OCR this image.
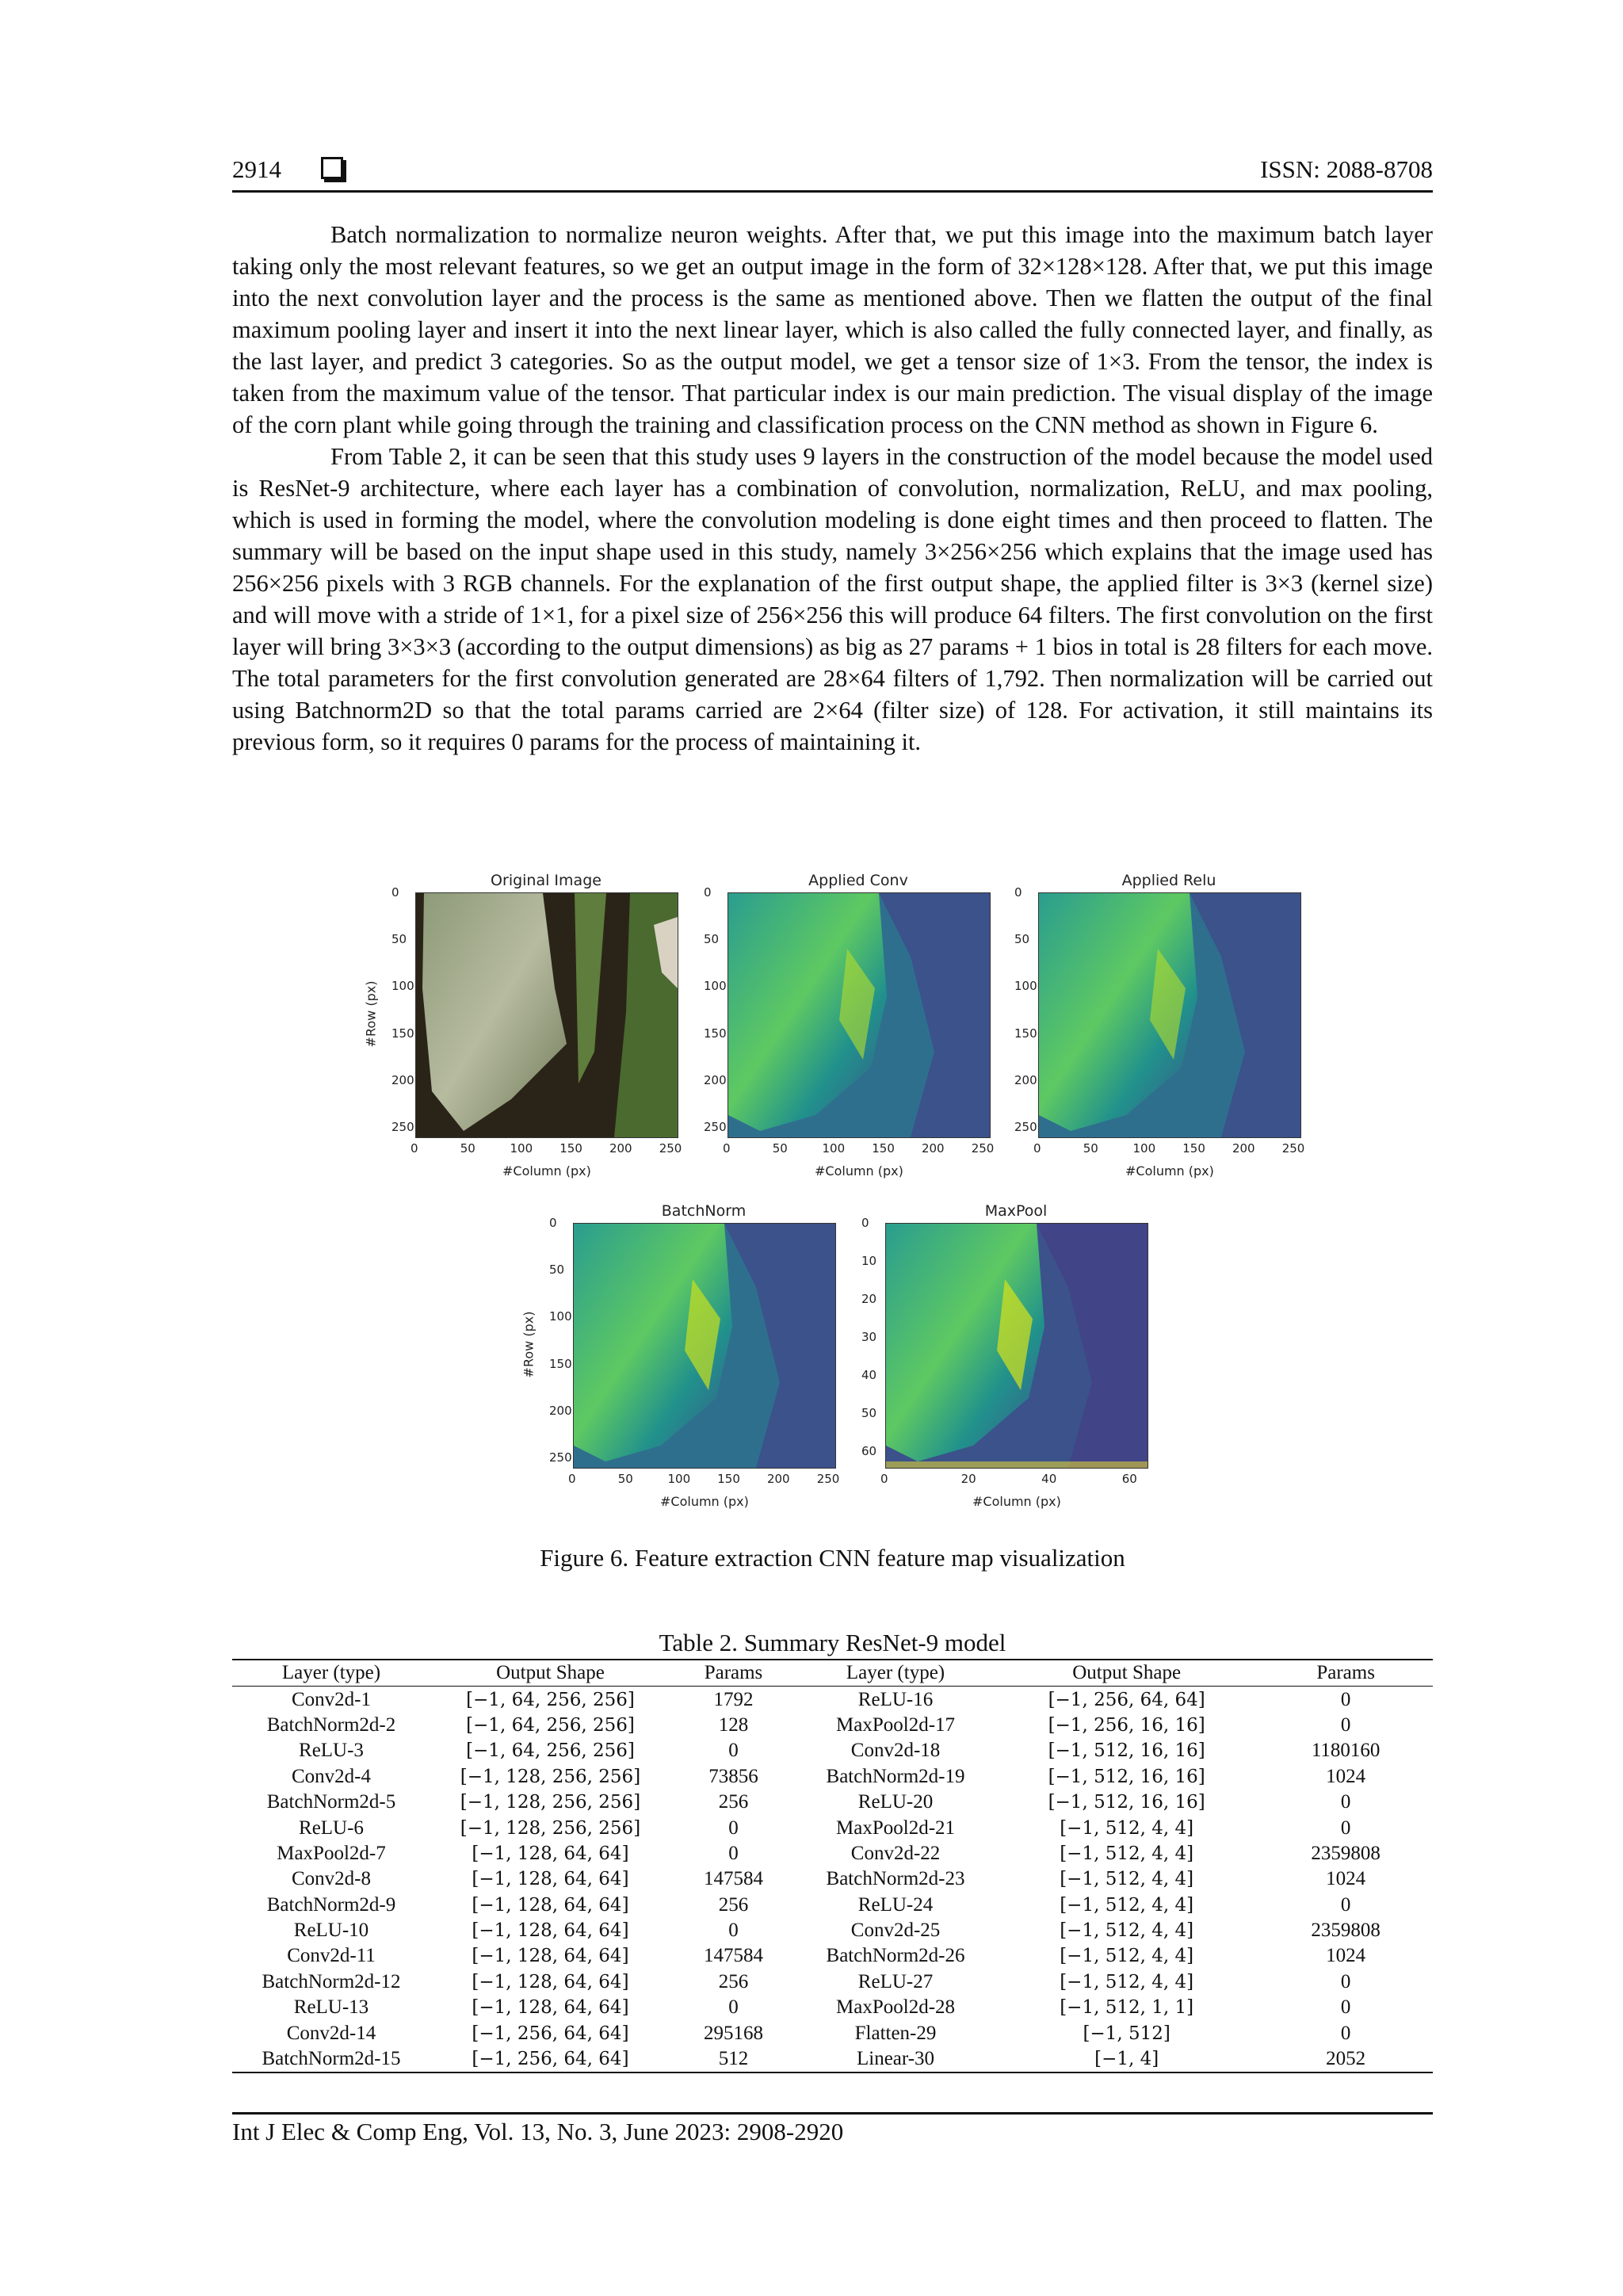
2914	ISSN: 2088-8708

Batch normalization to normalize neuron weights. After that, we put this image into the maximum batch layer taking only the most relevant features, so we get an output image in the form of 32×128×128. After that, we put this image into the next convolution layer and the process is the same as mentioned above. Then we flatten the output of the final maximum pooling layer and insert it into the next linear layer, which is also called the fully connected layer, and finally, as the last layer, and predict 3 categories. So as the output model, we get a tensor size of 1×3. From the tensor, the index is taken from the maximum value of the tensor. That particular index is our main prediction. The visual display of the image of the corn plant while going through the training and classification process on the CNN method as shown in Figure 6.

From Table 2, it can be seen that this study uses 9 layers in the construction of the model because the model used is ResNet-9 architecture, where each layer has a combination of convolution, normalization, ReLU, and max pooling, which is used in forming the model, where the convolution modeling is done eight times and then proceed to flatten. The summary will be based on the input shape used in this study, namely 3×256×256 which explains that the image used has 256×256 pixels with 3 RGB channels. For the explanation of the first output shape, the applied filter is 3×3 (kernel size) and will move with a stride of 1×1, for a pixel size of 256×256 this will produce 64 filters. The first convolution on the first layer will bring 3×3×3 (according to the output dimensions) as big as 27 params + 1 bios in total is 28 filters for each move. The total parameters for the first convolution generated are 28×64 filters of 1,792. Then normalization will be carried out using Batchnorm2D so that the total params carried are 2×64 (filter size) of 128. For activation, it still maintains its previous form, so it requires 0 params for the process of maintaining it.

Original Image	Applied Conv	Applied Relu
BatchNorm	MaxPool
0	50	100 150 200 250
0
50
100
150
200
250
0	50	100 150 200 250
0
50
100
150
200
250
0	50	100 150 200 250
0
50
100
150
200
250
0	50	100 150 200 250
0
50
100
150
200
250
0	20	40	60
0
10
20
30
40
50
60
#Column (px)	#Column (px)	#Column (px)
#Column (px)	#Column (px)
#Row (px)
#Row (px)
Figure 6. Feature extraction CNN feature map visualization
Table 2. Summary ResNet-9 model
Layer (type)	Output Shape	Params	Layer (type)	Output Shape	Params
Conv2d-1	[−1, 64, 256, 256]	1792	ReLU-16	[−1, 256, 64, 64]	0
BatchNorm2d-2	[−1, 64, 256, 256]	128	MaxPool2d-17	[−1, 256, 16, 16]	0
ReLU-3	[−1, 64, 256, 256]	0	Conv2d-18	[−1, 512, 16, 16]	1180160
Conv2d-4	[−1, 128, 256, 256]	73856	BatchNorm2d-19	[−1, 512, 16, 16]	1024
BatchNorm2d-5	[−1, 128, 256, 256]	256	ReLU-20	[−1, 512, 16, 16]	0
ReLU-6	[−1, 128, 256, 256]	0	MaxPool2d-21	[−1, 512, 4, 4]	0
MaxPool2d-7	[−1, 128, 64, 64]	0	Conv2d-22	[−1, 512, 4, 4]	2359808
Conv2d-8	[−1, 128, 64, 64]	147584	BatchNorm2d-23	[−1, 512, 4, 4]	1024
BatchNorm2d-9	[−1, 128, 64, 64]	256	ReLU-24	[−1, 512, 4, 4]	0
ReLU-10	[−1, 128, 64, 64]	0	Conv2d-25	[−1, 512, 4, 4]	2359808
Conv2d-11	[−1, 128, 64, 64]	147584	BatchNorm2d-26	[−1, 512, 4, 4]	1024
BatchNorm2d-12	[−1, 128, 64, 64]	256	ReLU-27	[−1, 512, 4, 4]	0
ReLU-13	[−1, 128, 64, 64]	0	MaxPool2d-28	[−1, 512, 1, 1]	0
Conv2d-14	[−1, 256, 64, 64]	295168	Flatten-29	[−1, 512]	0
BatchNorm2d-15	[−1, 256, 64, 64]	512	Linear-30	[−1, 4]	2052
Int J Elec & Comp Eng, Vol. 13, No. 3, June 2023: 2908-2920
